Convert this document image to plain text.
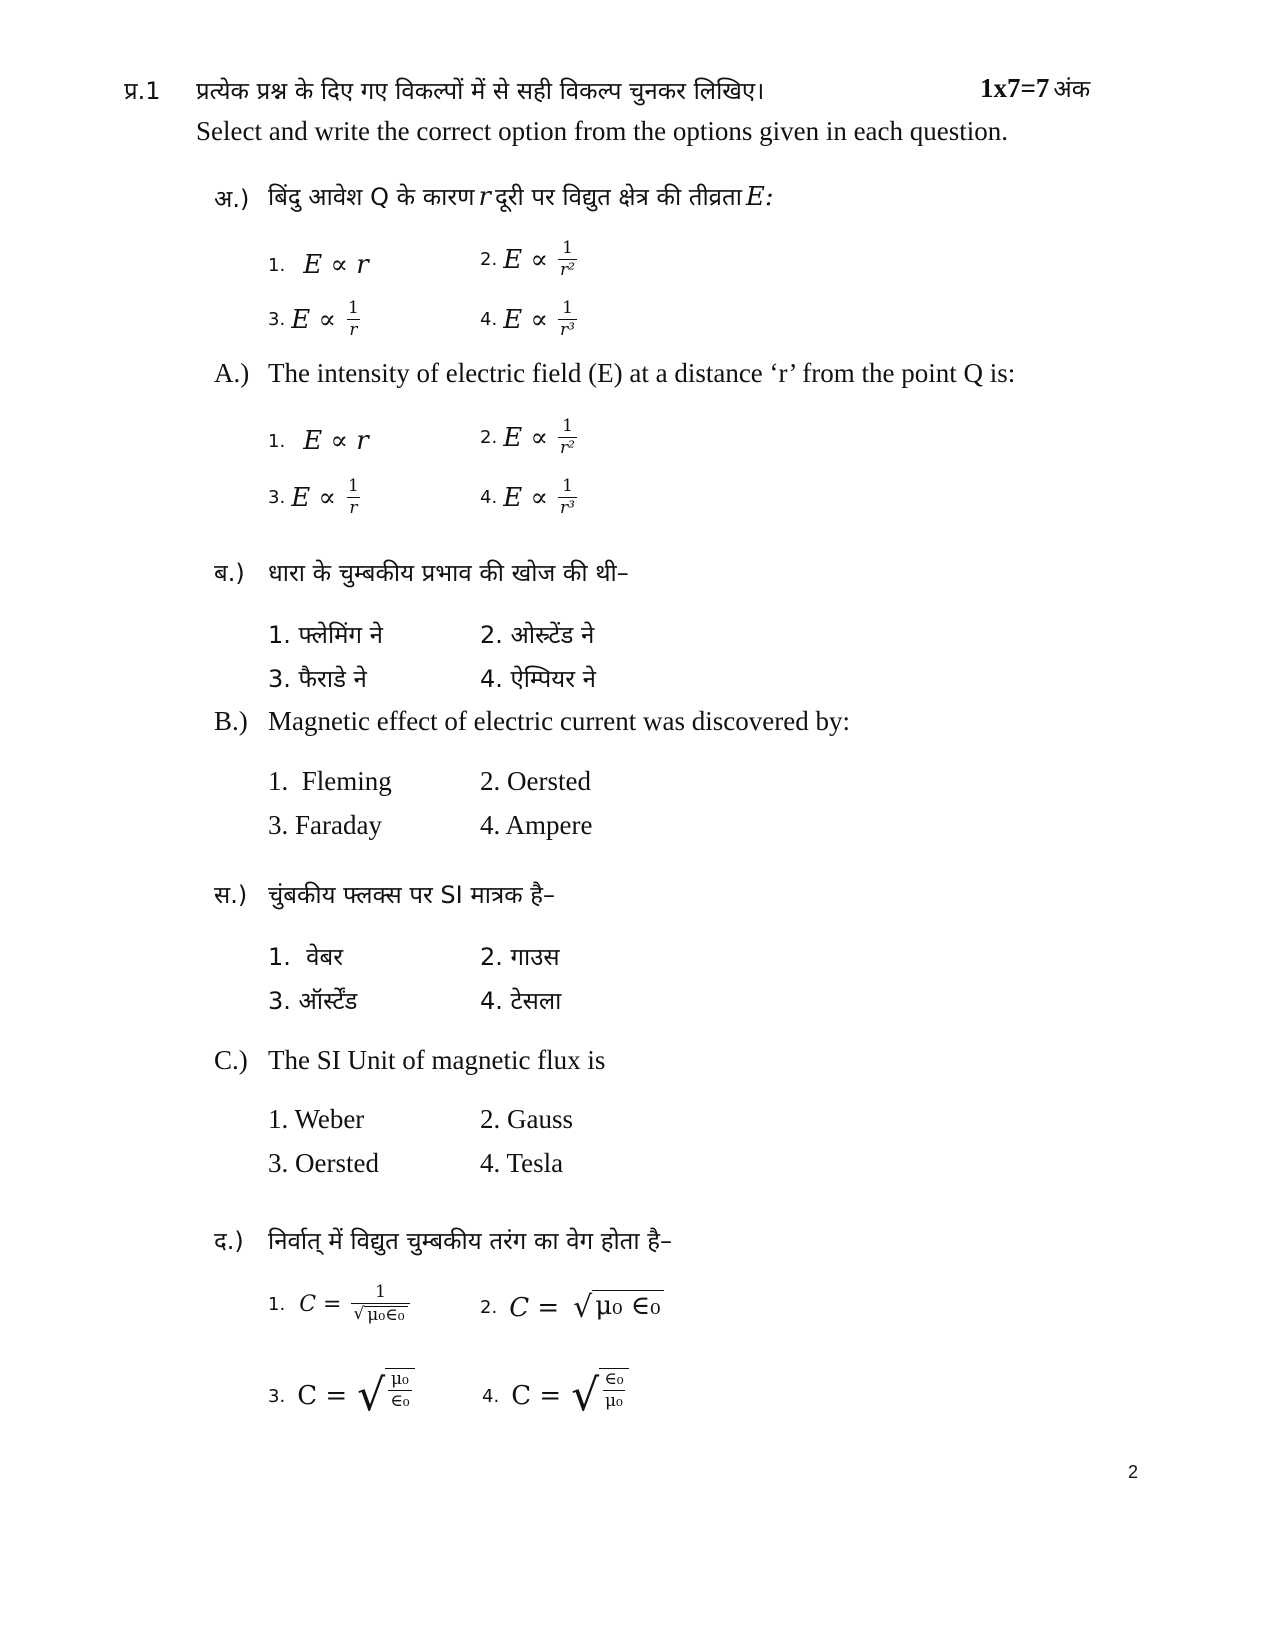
प्र.1 प्रत्येक प्रश्न के दिए गए विकल्पों में से सही विकल्प चुनकर लिखिए।	1x7=7 अंक
Select and write the correct option from the options given in each question.
अ.) बिंदु आवेश Q के कारण r दूरी पर विद्युत क्षेत्र की तीव्रता E:
1. E ∝ r	2. $E \propto \frac{1}{\text{r²}}$
3. $E \propto \frac{1}{r}$	4. $E \propto \frac{1}{\text{r³}}$
A.) The intensity of electric field (E) at a distance ‘r’ from the point Q is:
1. E ∝ r	2. $E \propto \frac{1}{\text{r²}}$
3. $E \propto \frac{1}{r}$	4. $E \propto \frac{1}{\text{r³}}$
ब.) धारा के चुम्बकीय प्रभाव की खोज की थी–
1. फ्लेमिंग ने	2. ओस्र्टेंड ने
3. फैराडे ने	4. ऐम्पियर ने
B.) Magnetic effect of electric current was discovered by:
1.  Fleming	2. Oersted
3. Faraday	4. Ampere
स.) चुंबकीय फ्लक्स पर SI मात्रक है–
1.  वेबर	2. गाउस
3. ऑर्स्टेंड	4. टेसला
C.) The SI Unit of magnetic flux is
1. Weber	2. Gauss
3. Oersted	4. Tesla
द.) निर्वात् में विद्युत चुम्बकीय तरंग का वेग होता है–
1. $C = \frac{1}{\text{√ μ₀∈₀}}$	2. C = √ μ₀ ∈₀
3. C = √ $\frac{\text{μ₀}}{\text{∈₀}}$	4. C = √ $\frac{\text{∈₀}}{\text{μ₀}}$
2
